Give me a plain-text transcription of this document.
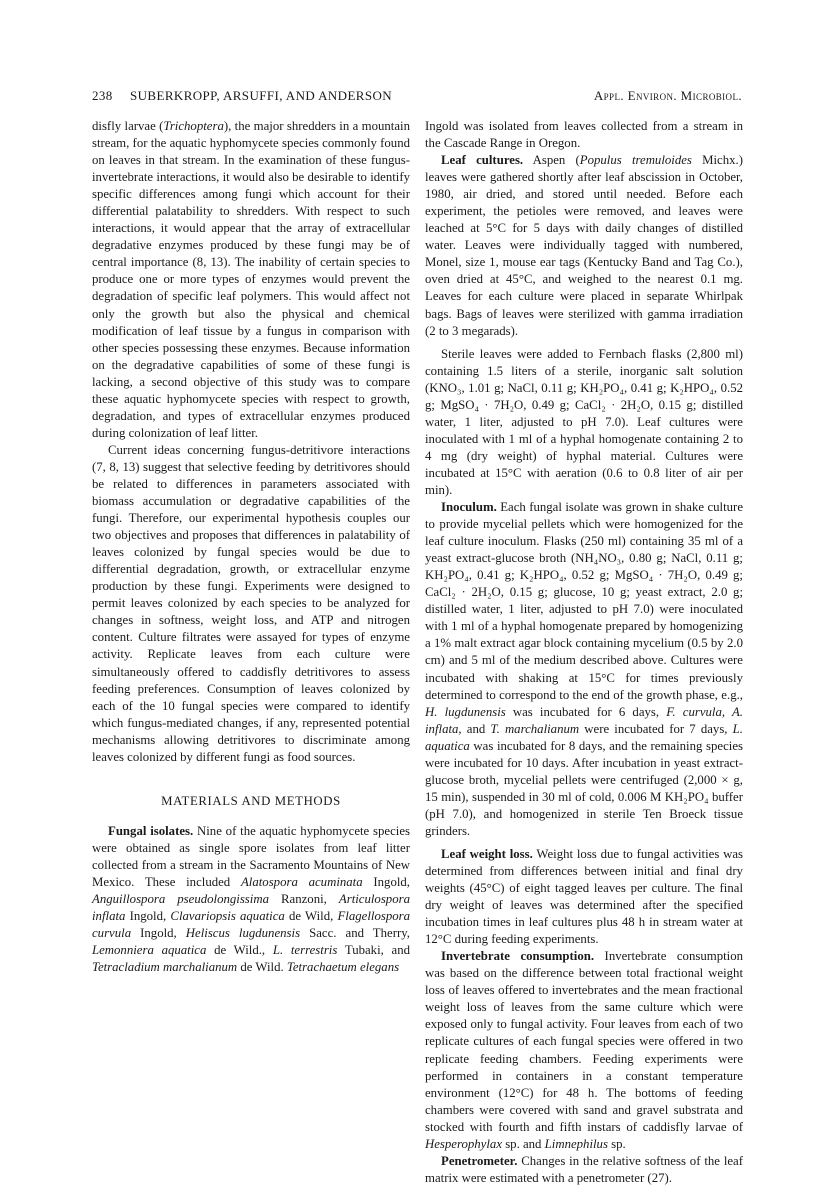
238 SUBERKROPP, ARSUFFI, AND ANDERSON	Appl. Environ. Microbiol.

disfly larvae (Trichoptera), the major shredders in a mountain stream, for the aquatic hyphomycete species commonly found on leaves in that stream. In the examination of these fungus-invertebrate interactions, it would also be desirable to identify specific differences among fungi which account for their differential palatability to shredders. With respect to such interactions, it would appear that the array of extracellular degradative enzymes produced by these fungi may be of central importance (8, 13). The inability of certain species to produce one or more types of enzymes would prevent the degradation of specific leaf polymers. This would affect not only the growth but also the physical and chemical modification of leaf tissue by a fungus in comparison with other species possessing these enzymes. Because information on the degradative capabilities of some of these fungi is lacking, a second objective of this study was to compare these aquatic hyphomycete species with respect to growth, degradation, and types of extracellular enzymes produced during colonization of leaf litter.

Current ideas concerning fungus-detritivore interactions (7, 8, 13) suggest that selective feeding by detritivores should be related to differences in parameters associated with biomass accumulation or degradative capabilities of the fungi. Therefore, our experimental hypothesis couples our two objectives and proposes that differences in palatability of leaves colonized by fungal species would be due to differential degradation, growth, or extracellular enzyme production by these fungi. Experiments were designed to permit leaves colonized by each species to be analyzed for changes in softness, weight loss, and ATP and nitrogen content. Culture filtrates were assayed for types of enzyme activity. Replicate leaves from each culture were simultaneously offered to caddisfly detritivores to assess feeding preferences. Consumption of leaves colonized by each of the 10 fungal species were compared to identify which fungus-mediated changes, if any, represented potential mechanisms allowing detritivores to discriminate among leaves colonized by different fungi as food sources.

MATERIALS AND METHODS

Fungal isolates. Nine of the aquatic hyphomycete species were obtained as single spore isolates from leaf litter collected from a stream in the Sacramento Mountains of New Mexico. These included Alatospora acuminata Ingold, Anguillospora pseudolongissima Ranzoni, Articulospora inflata Ingold, Clavariopsis aquatica de Wild, Flagellospora curvula Ingold, Heliscus lugdunensis Sacc. and Therry, Lemonniera aquatica de Wild., L. terrestris Tubaki, and Tetracladium marchalianum de Wild. Tetrachaetum elegans

Ingold was isolated from leaves collected from a stream in the Cascade Range in Oregon.

Leaf cultures. Aspen (Populus tremuloides Michx.) leaves were gathered shortly after leaf abscission in October, 1980, air dried, and stored until needed. Before each experiment, the petioles were removed, and leaves were leached at 5°C for 5 days with daily changes of distilled water. Leaves were individually tagged with numbered, Monel, size 1, mouse ear tags (Kentucky Band and Tag Co.), oven dried at 45°C, and weighed to the nearest 0.1 mg. Leaves for each culture were placed in separate Whirlpak bags. Bags of leaves were sterilized with gamma irradiation (2 to 3 megarads).

Sterile leaves were added to Fernbach flasks (2,800 ml) containing 1.5 liters of a sterile, inorganic salt solution (KNO₃, 1.01 g; NaCl, 0.11 g; KH₂PO₄, 0.41 g; K₂HPO₄, 0.52 g; MgSO₄ · 7H₂O, 0.49 g; CaCl₂ · 2H₂O, 0.15 g; distilled water, 1 liter, adjusted to pH 7.0). Leaf cultures were inoculated with 1 ml of a hyphal homogenate containing 2 to 4 mg (dry weight) of hyphal material. Cultures were incubated at 15°C with aeration (0.6 to 0.8 liter of air per min).

Inoculum. Each fungal isolate was grown in shake culture to provide mycelial pellets which were homogenized for the leaf culture inoculum. Flasks (250 ml) containing 35 ml of a yeast extract-glucose broth (NH₄NO₃, 0.80 g; NaCl, 0.11 g; KH₂PO₄, 0.41 g; K₂HPO₄, 0.52 g; MgSO₄ · 7H₂O, 0.49 g; CaCl₂ · 2H₂O, 0.15 g; glucose, 10 g; yeast extract, 2.0 g; distilled water, 1 liter, adjusted to pH 7.0) were inoculated with 1 ml of a hyphal homogenate prepared by homogenizing a 1% malt extract agar block containing mycelium (0.5 by 2.0 cm) and 5 ml of the medium described above. Cultures were incubated with shaking at 15°C for times previously determined to correspond to the end of the growth phase, e.g., H. lugdunensis was incubated for 6 days, F. curvula, A. inflata, and T. marchalianum were incubated for 7 days, L. aquatica was incubated for 8 days, and the remaining species were incubated for 10 days. After incubation in yeast extract-glucose broth, mycelial pellets were centrifuged (2,000 × g, 15 min), suspended in 30 ml of cold, 0.006 M KH₂PO₄ buffer (pH 7.0), and homogenized in sterile Ten Broeck tissue grinders.

Leaf weight loss. Weight loss due to fungal activities was determined from differences between initial and final dry weights (45°C) of eight tagged leaves per culture. The final dry weight of leaves was determined after the specified incubation times in leaf cultures plus 48 h in stream water at 12°C during feeding experiments.

Invertebrate consumption. Invertebrate consumption was based on the difference between total fractional weight loss of leaves offered to invertebrates and the mean fractional weight loss of leaves from the same culture which were exposed only to fungal activity. Four leaves from each of two replicate cultures of each fungal species were offered in two replicate feeding chambers. Feeding experiments were performed in containers in a constant temperature environment (12°C) for 48 h. The bottoms of feeding chambers were covered with sand and gravel substrata and stocked with fourth and fifth instars of caddisfly larvae of Hesperophylax sp. and Limnephilus sp.

Penetrometer. Changes in the relative softness of the leaf matrix were estimated with a penetrometer (27).
